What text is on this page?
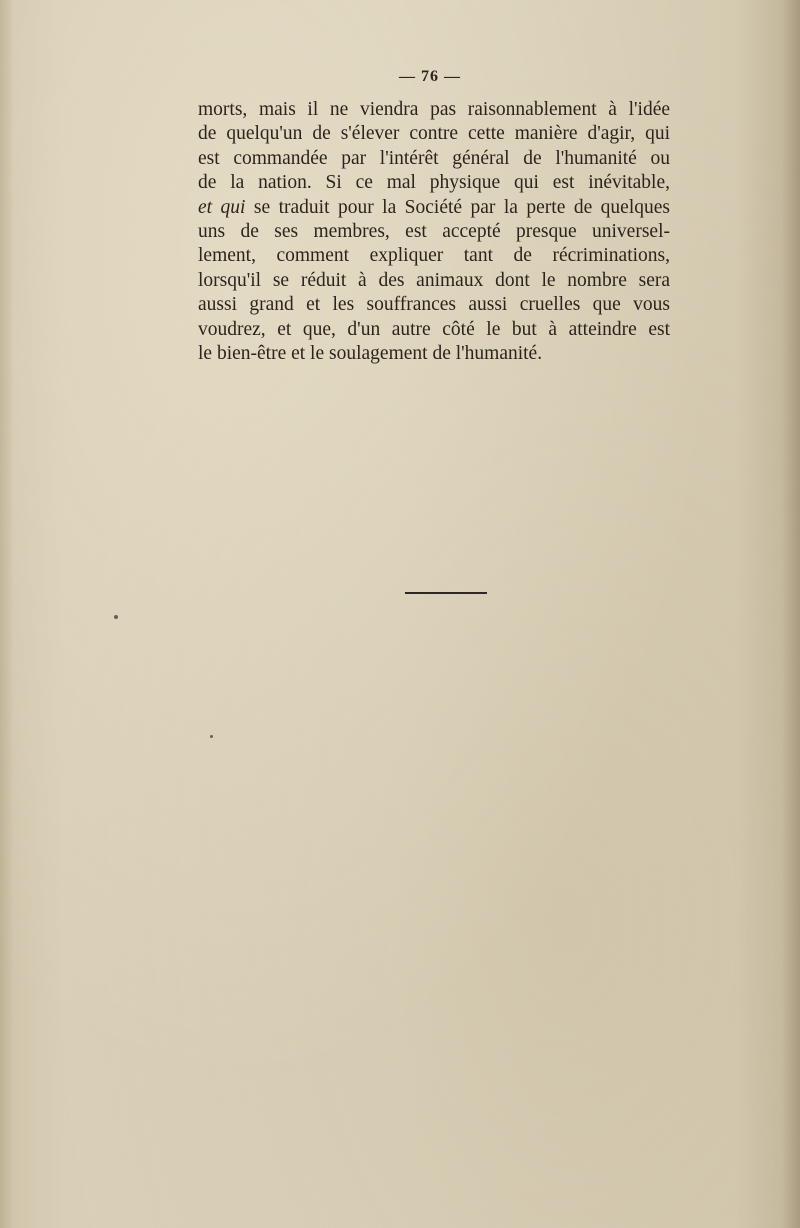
— 76 —
morts, mais il ne viendra pas raisonnablement à l'idée
de quelqu'un de s'élever contre cette manière d'agir, qui
est commandée par l'intérêt général de l'humanité ou
de la nation. Si ce mal physique qui est inévitable,
et qui se traduit pour la Société par la perte de quelques
uns de ses membres, est accepté presque universel-
lement, comment expliquer tant de récriminations,
lorsqu'il se réduit à des animaux dont le nombre sera
aussi grand et les souffrances aussi cruelles que vous
voudrez, et que, d'un autre côté le but à atteindre est
le bien-être et le soulagement de l'humanité.
